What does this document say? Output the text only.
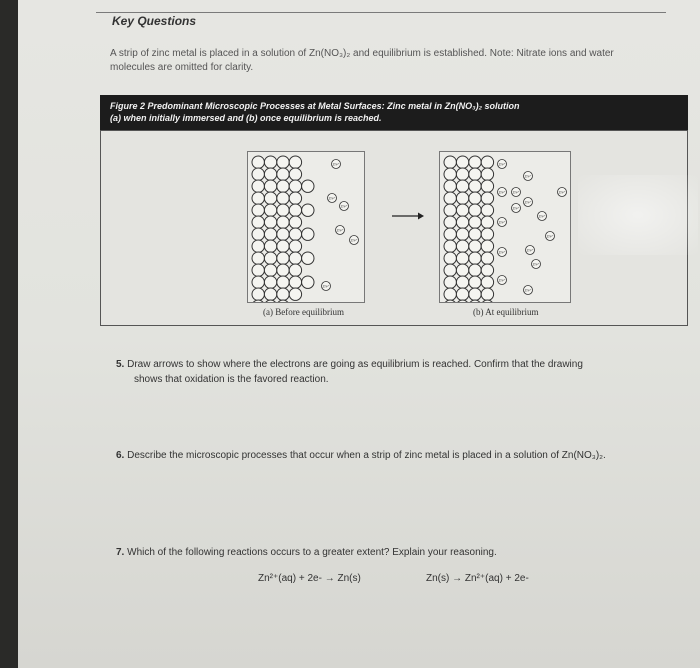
Key Questions
A strip of zinc metal is placed in a solution of Zn(NO₃)₂ and equilibrium is established. Note: Nitrate ions and water
molecules are omitted for clarity.
Figure 2 Predominant Microscopic Processes at Metal Surfaces: Zinc metal in Zn(NO₃)₂ solution
(a) when initially immersed and (b) once equilibrium is reached.
Zn²⁺
Zn²⁺
Zn²⁺
Zn²⁺
Zn²⁺
Zn²⁺
(a) Before equilibrium
Zn²⁺
Zn²⁺
Zn²⁺ Zn²⁺
Zn²⁺
Zn²⁺
Zn²⁺
Zn²⁺
Zn²⁺
Zn²⁺
Zn²⁺	Zn²⁺
Zn²⁺
Zn²⁺
Zn²⁺
(b) At equilibrium
5. Draw arrows to show where the electrons are going as equilibrium is reached. Confirm that the drawing
shows that oxidation is the favored reaction.
6. Describe the microscopic processes that occur when a strip of zinc metal is placed in a solution of Zn(NO₃)₂.
7. Which of the following reactions occurs to a greater extent? Explain your reasoning.
Zn²⁺(aq) + 2e- → Zn(s)	Zn(s) → Zn²⁺(aq) + 2e-
